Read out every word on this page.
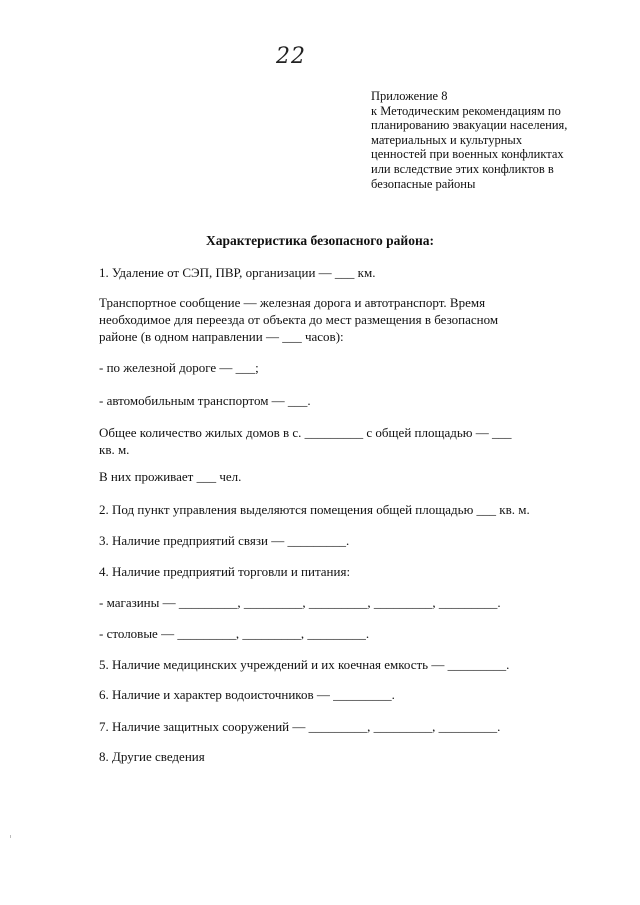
22
Приложение 8
к Методическим рекомендациям по
планированию эвакуации населения,
материальных и культурных
ценностей при военных конфликтах
или вследствие этих конфликтов в
безопасные районы
Характеристика безопасного района:
1. Удаление от СЭП, ПВР, организации — ___ км.
Транспортное сообщение — железная дорога и автотранспорт. Время
необходимое для переезда от объекта до мест размещения в безопасном
районе (в одном направлении — ___ часов):
- по железной дороге — ___;
- автомобильным транспортом — ___.
Общее количество жилых домов в с. _________ с общей площадью — ___
кв. м.
В них проживает ___ чел.
2. Под пункт управления выделяются помещения общей площадью ___ кв. м.
3. Наличие предприятий связи — _________.
4. Наличие предприятий торговли и питания:
- магазины — _________, _________, _________, _________, _________.
- столовые — _________, _________, _________.
5. Наличие медицинских учреждений и их коечная емкость — _________.
6. Наличие и характер водоисточников — _________.
7. Наличие защитных сооружений — _________, _________, _________.
8. Другие сведения
